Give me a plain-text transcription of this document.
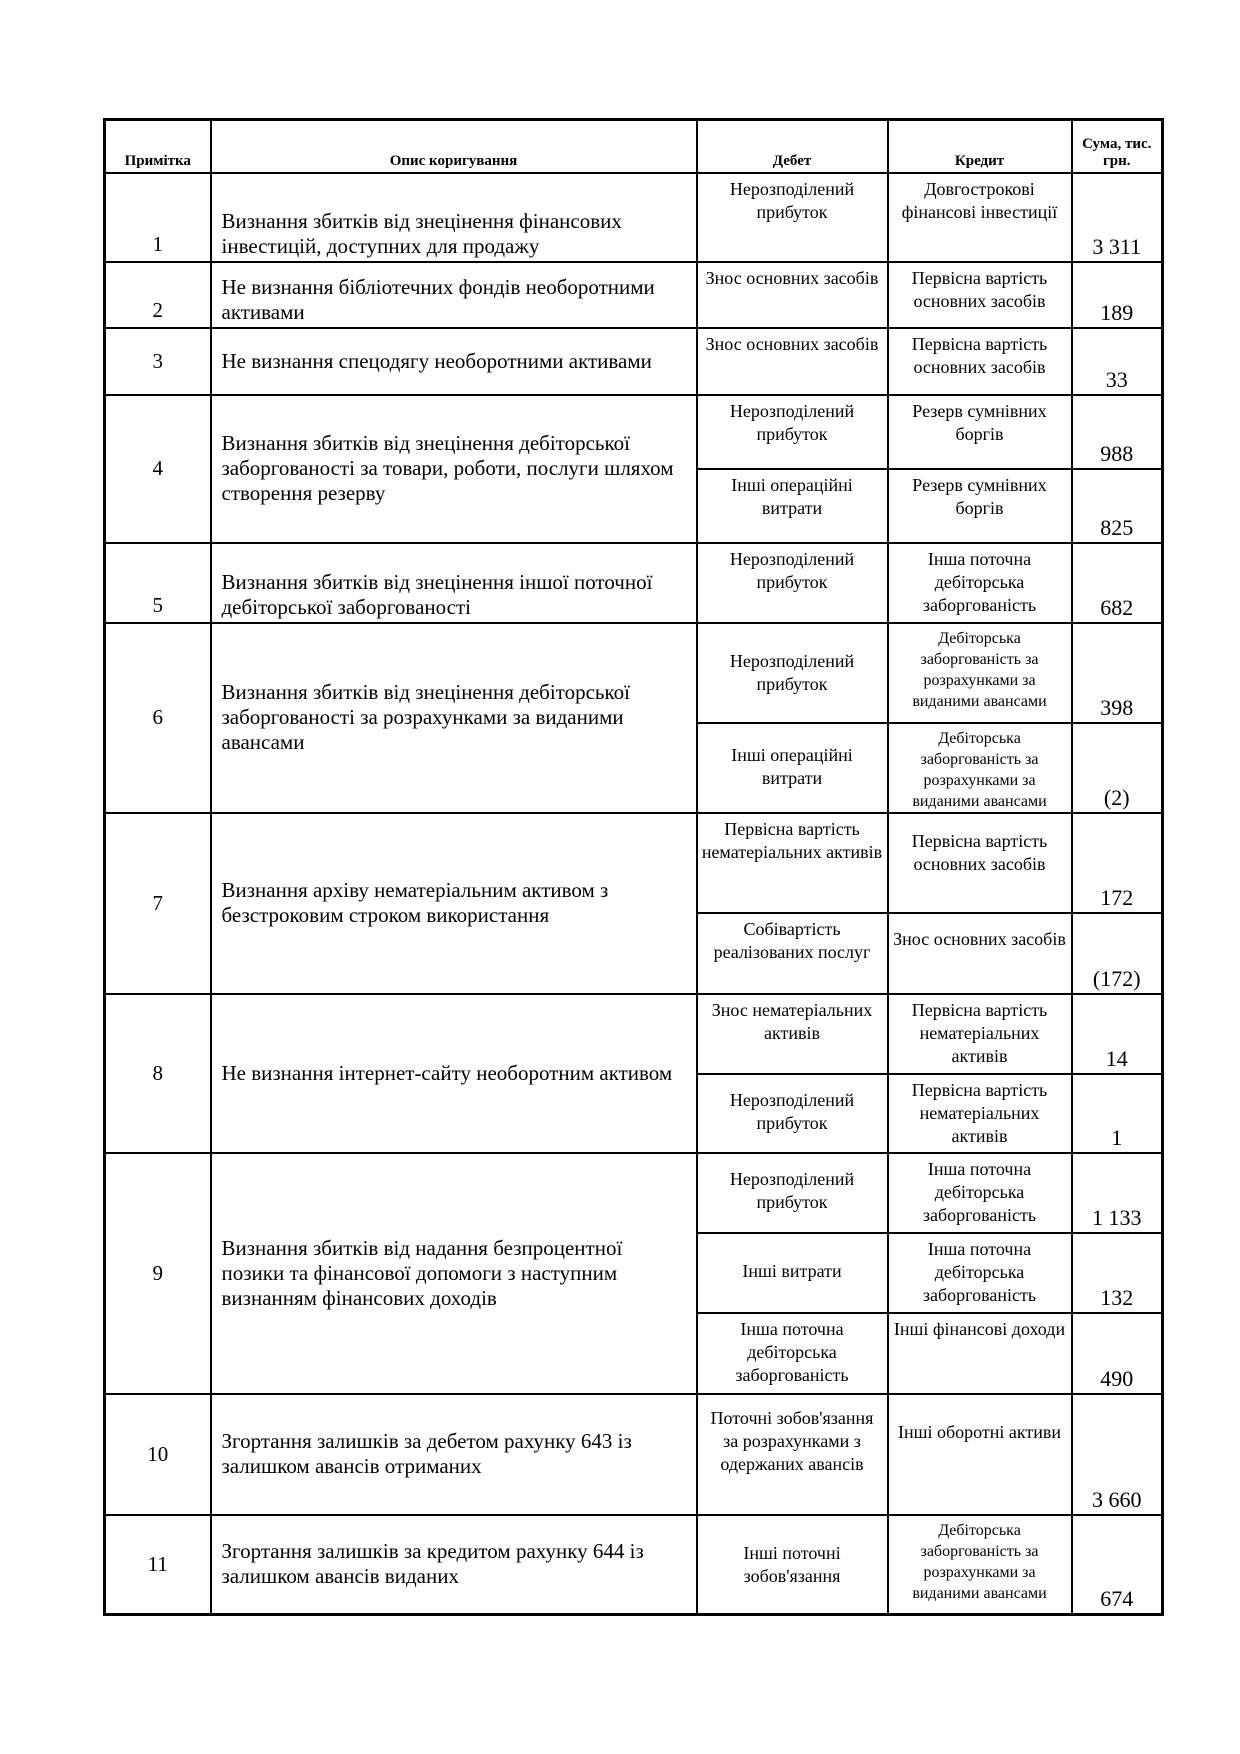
Примітка	Опис коригування	Дебет	Кредит	Сума, тис. грн.
1	Визнання збитків від знецінення фінансових інвестицій, доступних для продажу	Нерозподілений прибуток	Довгострокові фінансові інвестиції	3 311
2	Не визнання бібліотечних фондів необоротними активами	Знос основних засобів	Первісна вартість основних засобів	189
3	Не визнання спецодягу необоротними активами	Знос основних засобів	Первісна вартість основних засобів	33
4	Визнання збитків від знецінення дебіторської заборгованості за товари, роботи, послуги шляхом створення резерву	Нерозподілений прибуток	Резерв сумнівних боргів	988
		Інші операційні витрати	Резерв сумнівних боргів	825
5	Визнання збитків від знецінення іншої поточної дебіторської заборгованості	Нерозподілений прибуток	Інша поточна дебіторська заборгованість	682
6	Визнання збитків від знецінення дебіторської заборгованості за розрахунками за виданими авансами	Нерозподілений прибуток	Дебіторська заборгованість за розрахунками за виданими авансами	398
		Інші операційні витрати	Дебіторська заборгованість за розрахунками за виданими авансами	(2)
7	Визнання архіву нематеріальним активом з безстроковим строком використання	Первісна вартість нематеріальних активів	Первісна вартість основних засобів	172
		Собівартість реалізованих послуг	Знос основних засобів	(172)
8	Не визнання інтернет-сайту необоротним активом	Знос нематеріальних активів	Первісна вартість нематеріальних активів	14
		Нерозподілений прибуток	Первісна вартість нематеріальних активів	1
9	Визнання збитків від надання безпроцентної позики та фінансової допомоги з наступним визнанням фінансових доходів	Нерозподілений прибуток	Інша поточна дебіторська заборгованість	1 133
		Інші витрати	Інша поточна дебіторська заборгованість	132
		Інша поточна дебіторська заборгованість	Інші фінансові доходи	490
10	Згортання залишків за дебетом рахунку 643 із залишком авансів отриманих	Поточні зобов'язання за розрахунками з одержаних авансів	Інші оборотні активи	3 660
11	Згортання залишків за кредитом рахунку 644 із залишком авансів виданих	Інші поточні зобов'язання	Дебіторська заборгованість за розрахунками за виданими авансами	674
